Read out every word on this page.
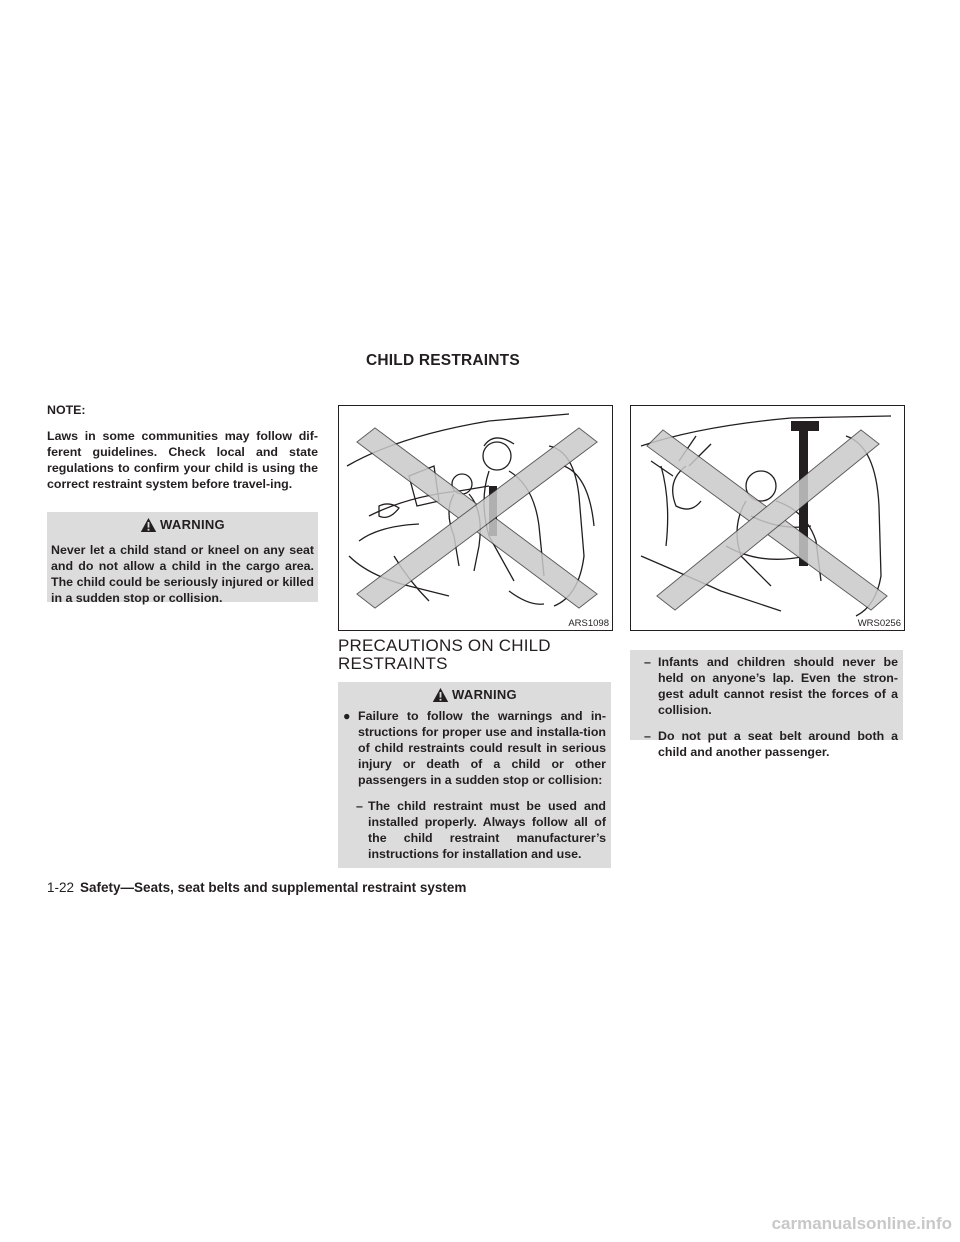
CHILD RESTRAINTS

NOTE:

Laws in some communities may follow dif-ferent guidelines. Check local and state regulations to confirm your child is using the correct restraint system before travel-ing.

WARNING
Never let a child stand or kneel on any seat and do not allow a child in the cargo area. The child could be seriously injured or killed in a sudden stop or collision.
ARS1098	WRS0256
PRECAUTIONS ON CHILD RESTRAINTS
WARNING
● Failure to follow the warnings and in-structions for proper use and installa-tion of child restraints could result in serious injury or death of a child or other passengers in a sudden stop or collision:
– The child restraint must be used and installed properly. Always follow all of the child restraint manufacturer’s instructions for installation and use.
– Infants and children should never be held on anyone’s lap. Even the stron-gest adult cannot resist the forces of a collision.
– Do not put a seat belt around both a child and another passenger.
1-22 Safety—Seats, seat belts and supplemental restraint system
carmanualsonline.info
